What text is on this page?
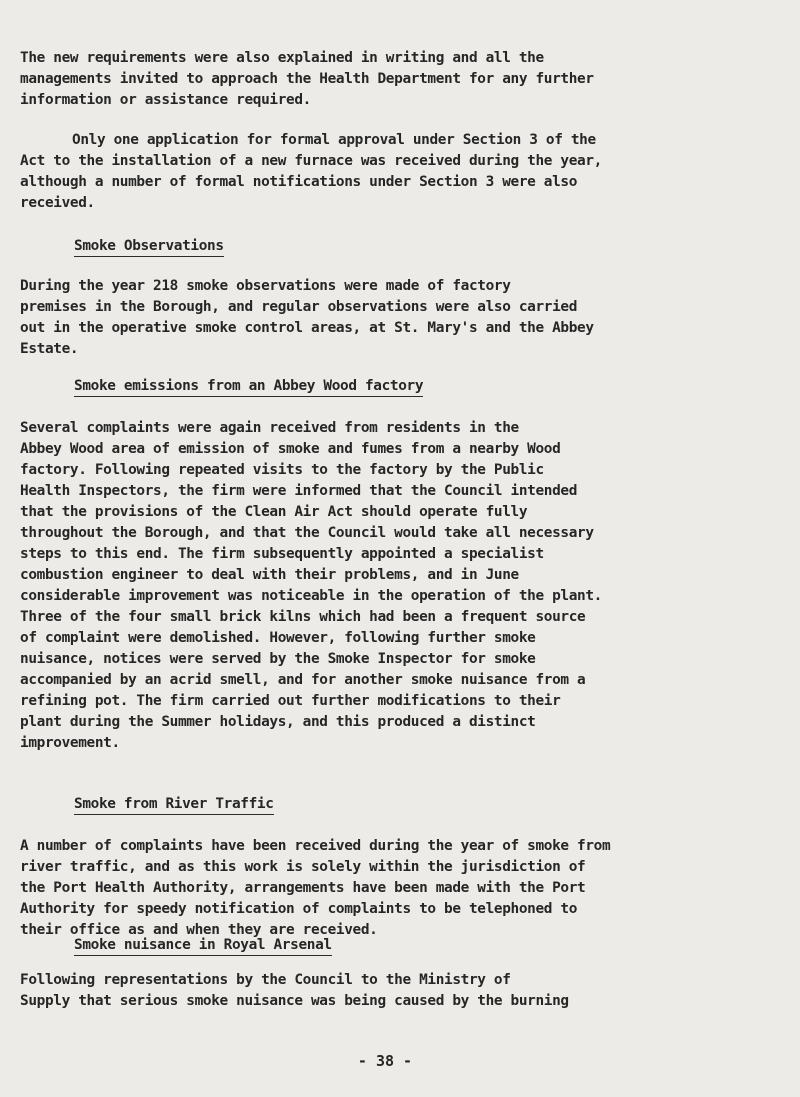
The new requirements were also explained in writing and all the
managements invited to approach the Health Department for any further
information or assistance required.

Only one application for formal approval under Section 3 of the
Act to the installation of a new furnace was received during the year,
although a number of formal notifications under Section 3 were also
received.

Smoke Observations

During the year 218 smoke observations were made of factory
premises in the Borough, and regular observations were also carried
out in the operative smoke control areas, at St. Mary's and the Abbey
Estate.

Smoke emissions from an Abbey Wood factory

Several complaints were again received from residents in the
Abbey Wood area of emission of smoke and fumes from a nearby Wood
factory. Following repeated visits to the factory by the Public
Health Inspectors, the firm were informed that the Council intended
that the provisions of the Clean Air Act should operate fully
throughout the Borough, and that the Council would take all necessary
steps to this end. The firm subsequently appointed a specialist
combustion engineer to deal with their problems, and in June
considerable improvement was noticeable in the operation of the plant.
Three of the four small brick kilns which had been a frequent source
of complaint were demolished. However, following further smoke
nuisance, notices were served by the Smoke Inspector for smoke
accompanied by an acrid smell, and for another smoke nuisance from a
refining pot. The firm carried out further modifications to their
plant during the Summer holidays, and this produced a distinct
improvement.

Smoke from River Traffic

A number of complaints have been received during the year of smoke from
river traffic, and as this work is solely within the jurisdiction of
the Port Health Authority, arrangements have been made with the Port
Authority for speedy notification of complaints to be telephoned to
their office as and when they are received.

Smoke nuisance in Royal Arsenal

Following representations by the Council to the Ministry of
Supply that serious smoke nuisance was being caused by the burning

- 38 -
